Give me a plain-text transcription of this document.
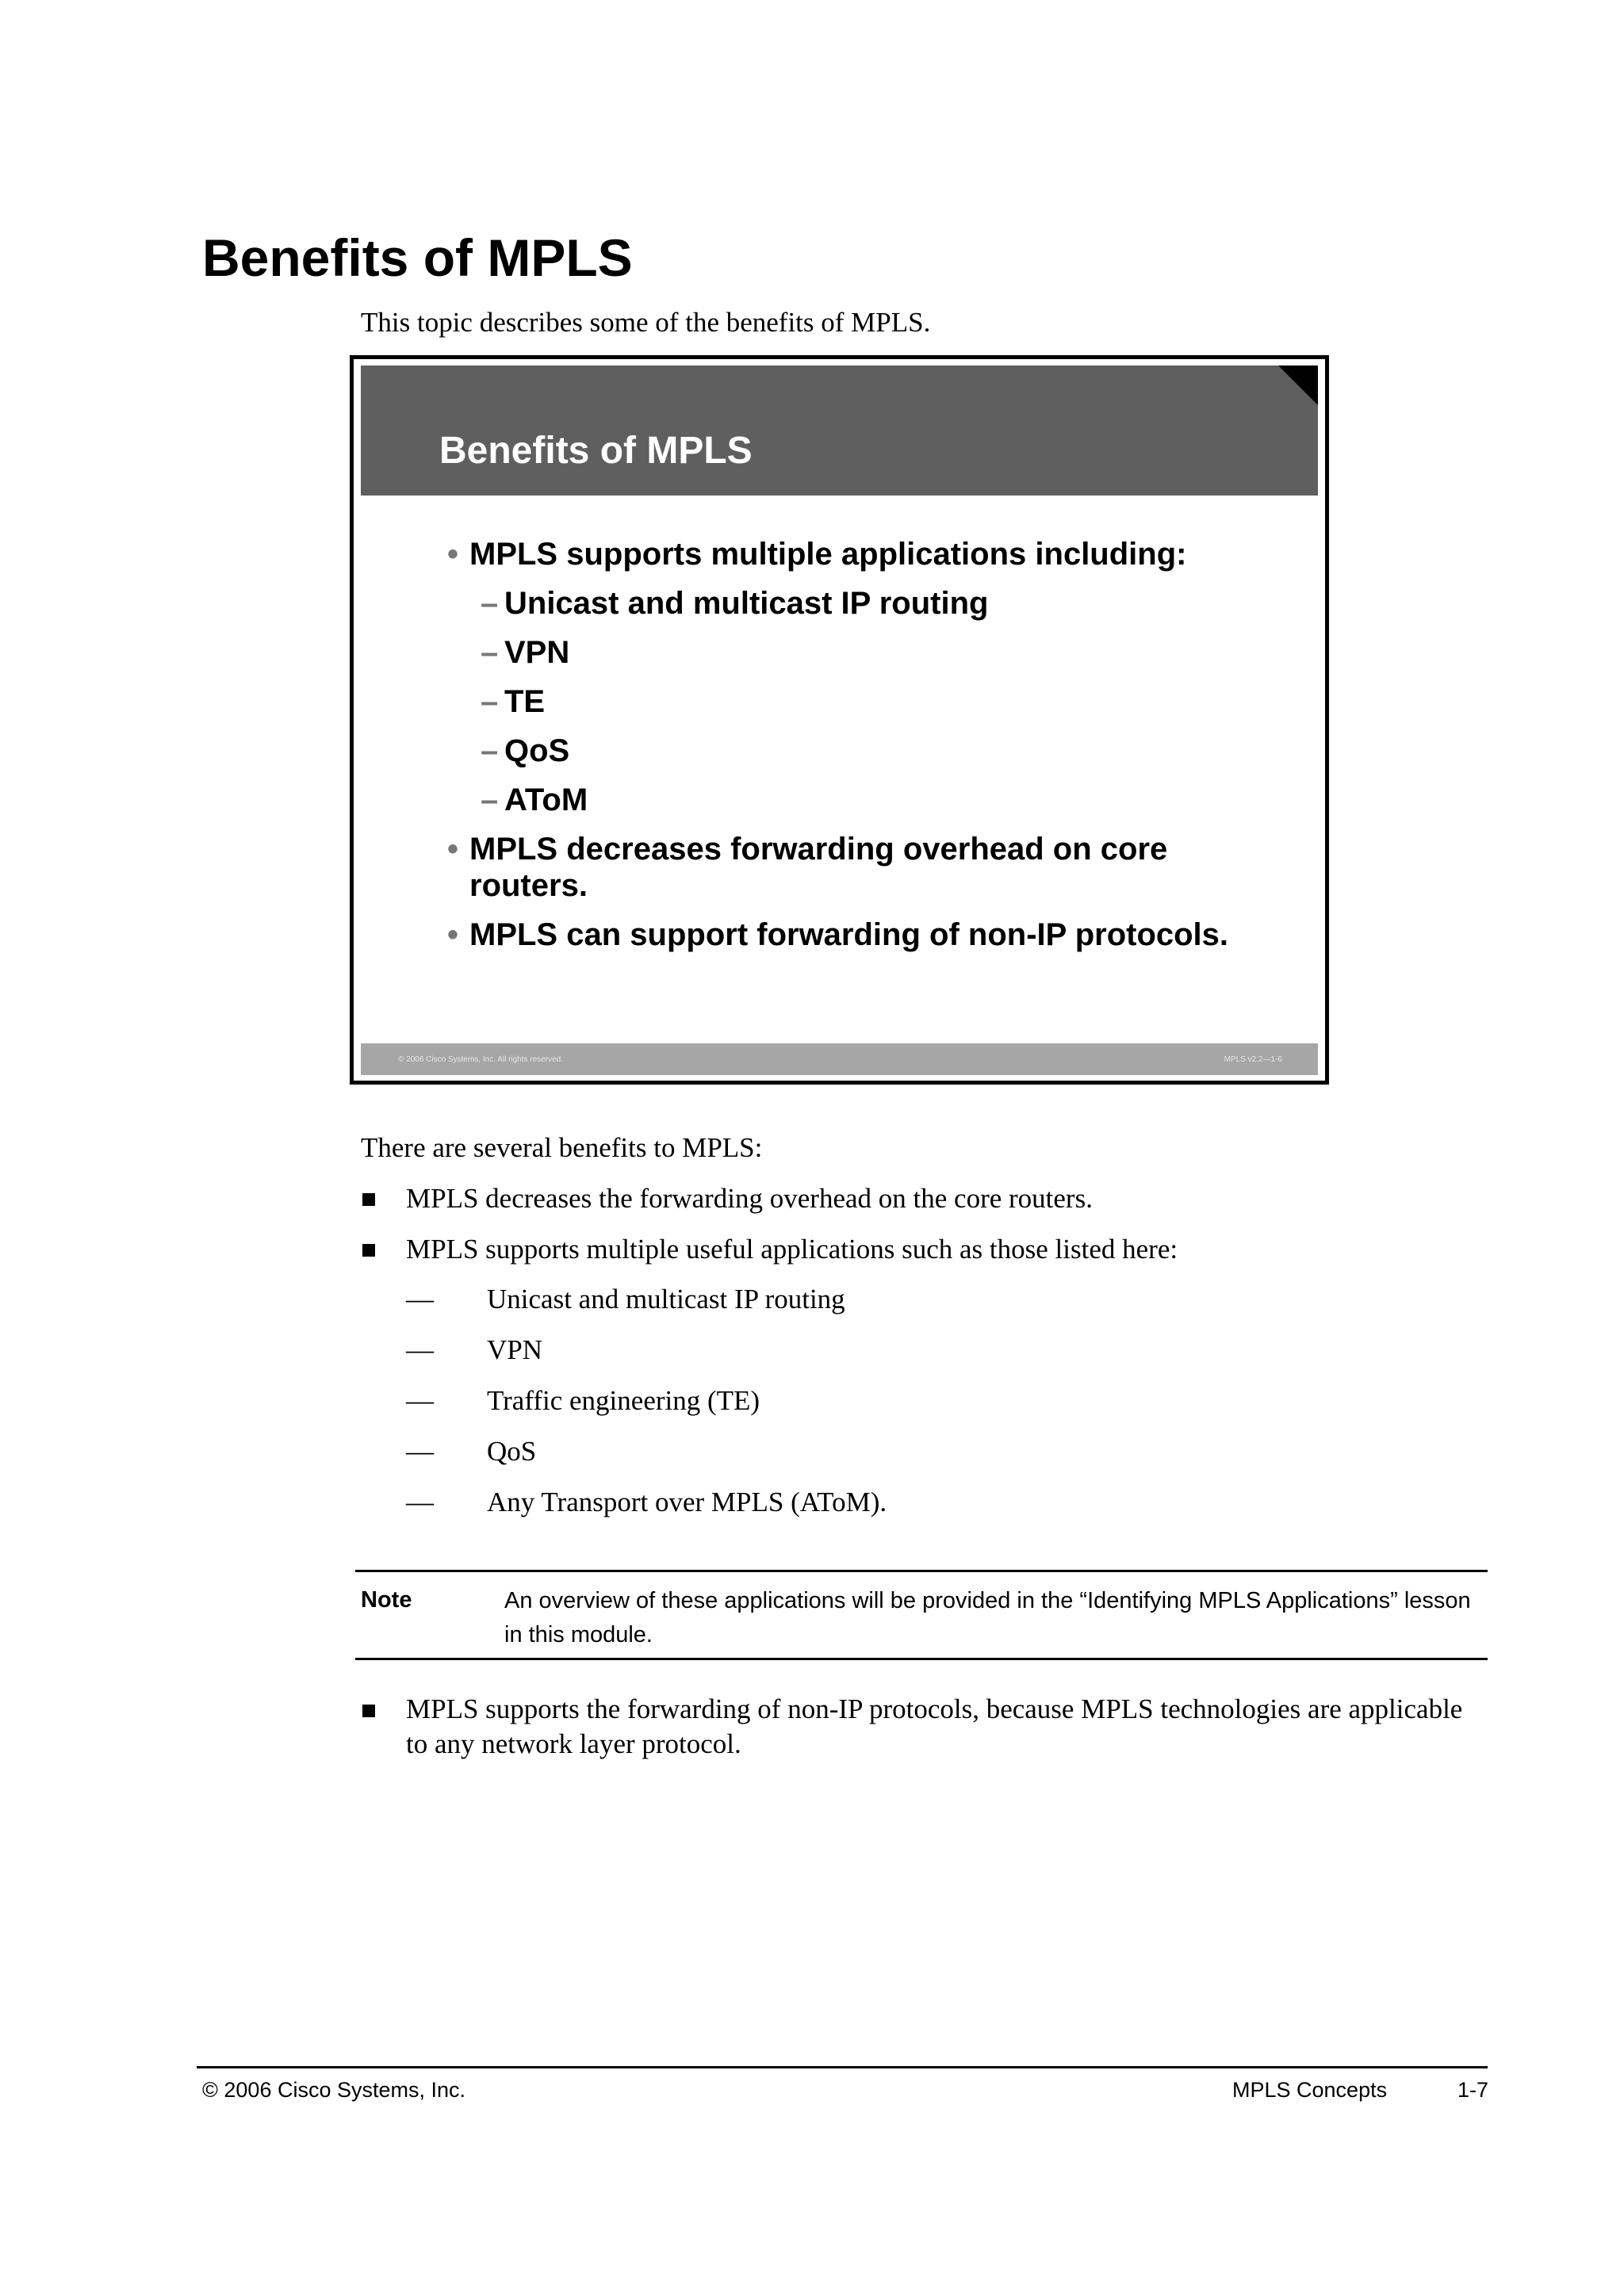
Benefits of MPLS
This topic describes some of the benefits of MPLS.
Benefits of MPLS
• MPLS supports multiple applications including:
– Unicast and multicast IP routing
– VPN
– TE
– QoS
– AToM
• MPLS decreases forwarding overhead on core
routers.
• MPLS can support forwarding of non-IP protocols.
© 2006 Cisco Systems, Inc. All rights reserved.	MPLS v2.2—1-6
There are several benefits to MPLS:
MPLS decreases the forwarding overhead on the core routers.
MPLS supports multiple useful applications such as those listed here:
— Unicast and multicast IP routing
— VPN
— Traffic engineering (TE)
— QoS
— Any Transport over MPLS (AToM).
Note	An overview of these applications will be provided in the “Identifying MPLS Applications” lesson in this module.
MPLS supports the forwarding of non-IP protocols, because MPLS technologies are applicable to any network layer protocol.
© 2006 Cisco Systems, Inc.	MPLS Concepts	1-7
